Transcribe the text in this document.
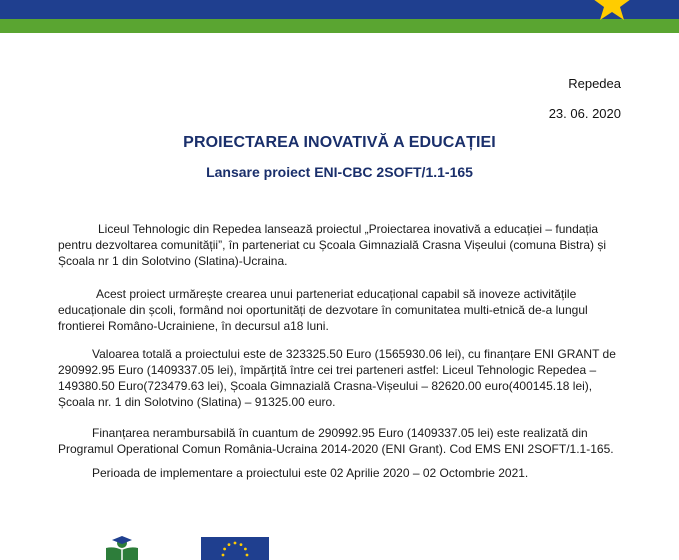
Repedea
23. 06. 2020
PROIECTAREA INOVATIVĂ A EDUCAȚIEI
Lansare proiect ENI-CBC 2SOFT/1.1-165

Liceul Tehnologic din Repedea lansează proiectul „Proiectarea inovativă a educației – fundația pentru dezvoltarea comunității”, în parteneriat cu Școala Gimnazială Crasna Vișeului (comuna Bistra) și Școala nr 1 din Solotvino (Slatina)-Ucraina.

Acest proiect urmărește crearea unui parteneriat educațional capabil să inoveze activitățile educaționale din școli, formând noi oportunități de dezvotare în comunitatea multi-etnică de-a lungul frontierei Româno-Ucrainiene, în decursul a18 luni.

Valoarea totală a proiectului este de 323325.50 Euro (1565930.06 lei), cu finanțare ENI GRANT de 290992.95 Euro (1409337.05 lei), împărțită între cei trei parteneri astfel: Liceul Tehnologic Repedea – 149380.50 Euro(723479.63 lei), Școala Gimnazială Crasna-Vișeului – 82620.00 euro(400145.18 lei), Școala nr. 1 din Solotvino (Slatina) – 91325.00 euro.

Finanțarea nerambursabilă în cuantum de 290992.95 Euro (1409337.05 lei) este realizată din Programul Operational Comun România-Ucraina 2014-2020 (ENI Grant). Cod EMS ENI 2SOFT/1.1-165.

Perioada de implementare a proiectului este 02 Aprilie 2020 – 02 Octombrie 2021.
